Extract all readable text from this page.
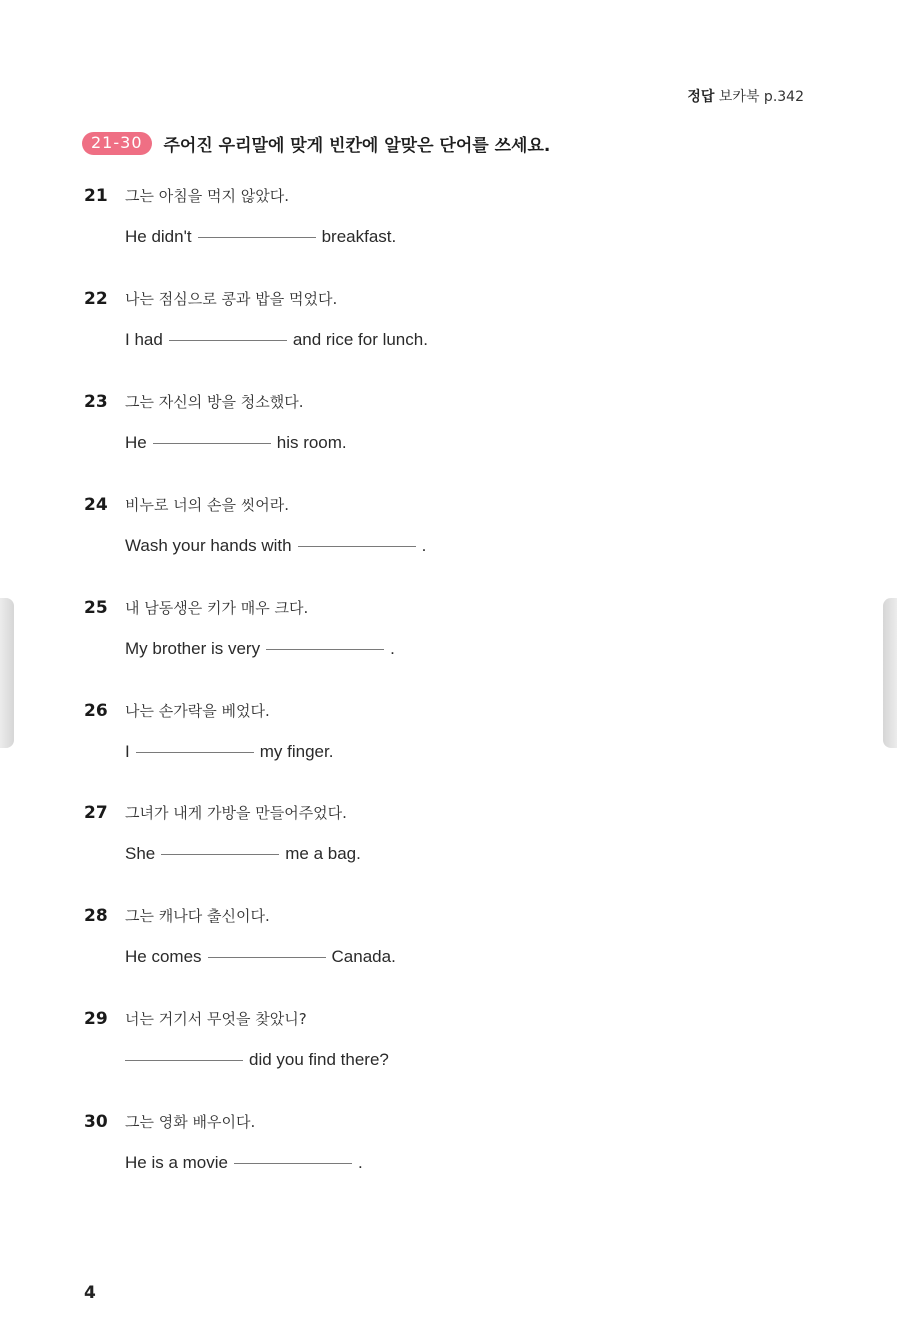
정답 보카북 p.342
21-30	주어진 우리말에 맞게 빈칸에 알맞은 단어를 쓰세요.
21	그는 아침을 먹지 않았다.
He didn't	breakfast.
22	나는 점심으로 콩과 밥을 먹었다.
I had	and rice for lunch.
23	그는 자신의 방을 청소했다.
He	his room.
24	비누로 너의 손을 씻어라.
Wash your hands with	.
25	내 남동생은 키가 매우 크다.
My brother is very	.
26	나는 손가락을 베었다.
I	my finger.
27	그녀가 내게 가방을 만들어주었다.
She	me a bag.
28	그는 캐나다 출신이다.
He comes	Canada.
29	너는 거기서 무엇을 찾았니?
did you find there?
30	그는 영화 배우이다.
He is a movie	.
4
